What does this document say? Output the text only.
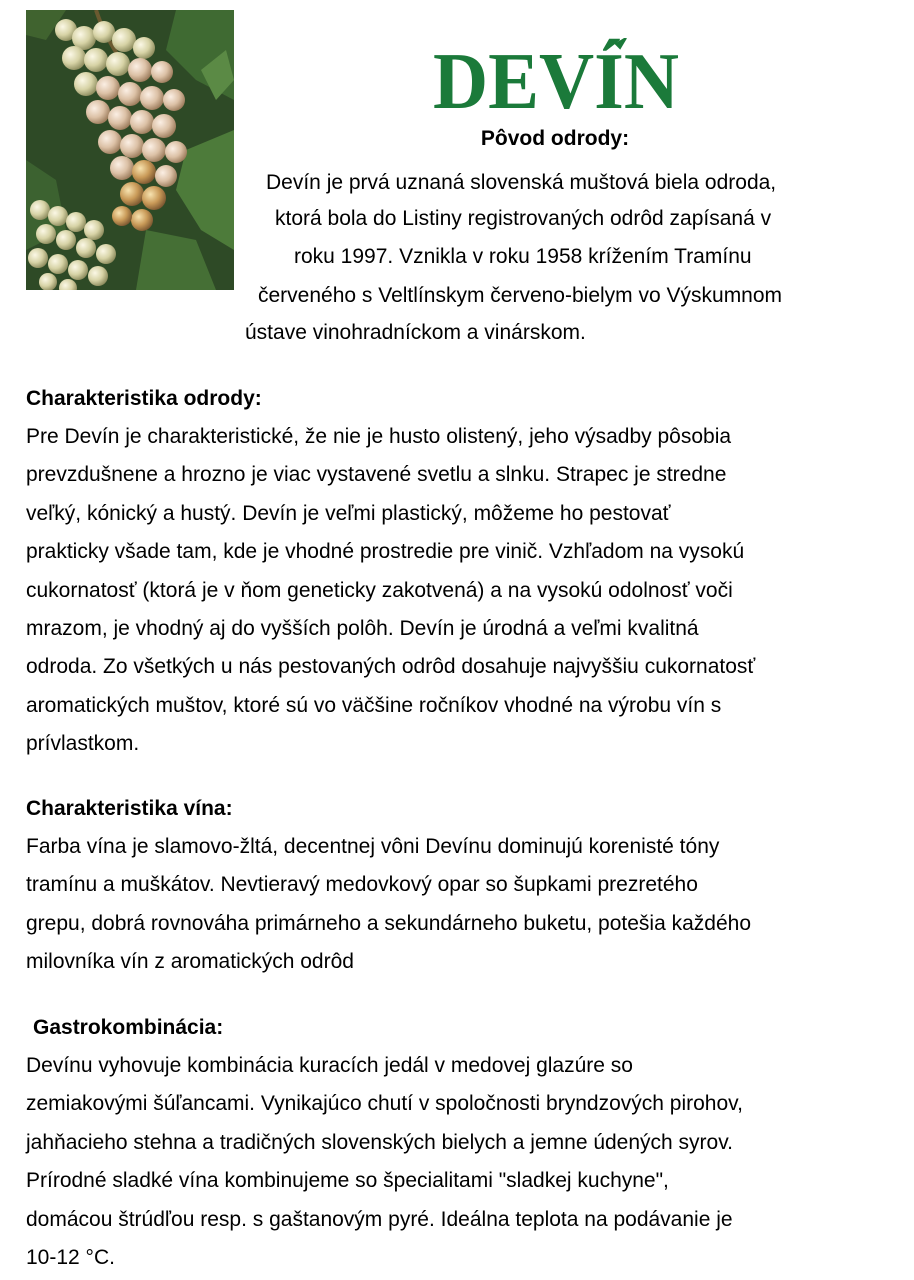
DEVÍN
Pôvod odrody:
Devín je prvá uznaná slovenská muštová biela odroda,
ktorá bola do Listiny registrovaných odrôd zapísaná v
roku 1997. Vznikla v roku 1958 krížením Tramínu
červeného s Veltlínskym červeno-bielym vo Výskumnom
ústave vinohradníckom a vinárskom.
Charakteristika odrody:
Pre Devín je charakteristické, že nie je husto olistený, jeho výsadby pôsobia
prevzdušnene a hrozno je viac vystavené svetlu a slnku. Strapec je stredne
veľký, kónický a hustý. Devín je veľmi plastický, môžeme ho pestovať
prakticky všade tam, kde je vhodné prostredie pre vinič. Vzhľadom na vysokú
cukornatosť (ktorá je v ňom geneticky zakotvená) a na vysokú odolnosť voči
mrazom, je vhodný aj do vyšších polôh. Devín je úrodná a veľmi kvalitná
odroda. Zo všetkých u nás pestovaných odrôd dosahuje najvyššiu cukornatosť
aromatických muštov, ktoré sú vo väčšine ročníkov vhodné na výrobu vín s
prívlastkom.
Charakteristika vína:
Farba vína je slamovo-žltá, decentnej vôni Devínu dominujú korenisté tóny
tramínu a muškátov. Nevtieravý medovkový opar so šupkami prezretého
grepu, dobrá rovnováha primárneho a sekundárneho buketu, potešia každého
milovníka vín z aromatických odrôd
Gastrokombinácia:
Devínu vyhovuje kombinácia kuracích jedál v medovej glazúre so
zemiakovými šúľancami. Vynikajúco chutí v spoločnosti bryndzových pirohov,
jahňacieho stehna a tradičných slovenských bielych a jemne údených syrov.
Prírodné sladké vína kombinujeme so špecialitami "sladkej kuchyne",
domácou štrúdľou resp. s gaštanovým pyré. Ideálna teplota na podávanie je
10-12 °C.
